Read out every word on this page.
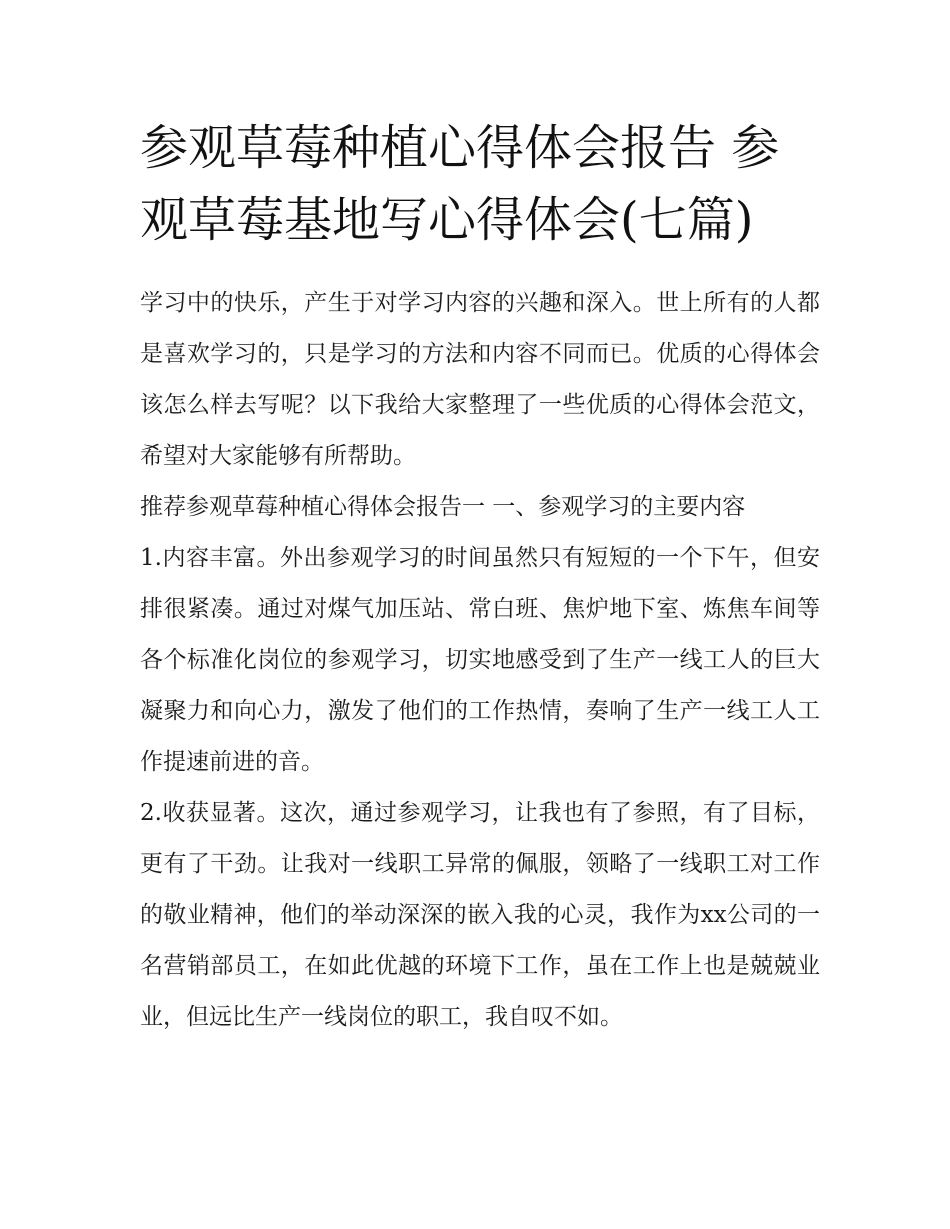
参观草莓种植心得体会报告 参观草莓基地写心得体会(七篇)

学习中的快乐，产生于对学习内容的兴趣和深入。世上所有的人都是喜欢学习的，只是学习的方法和内容不同而已。优质的心得体会该怎么样去写呢？以下我给大家整理了一些优质的心得体会范文，希望对大家能够有所帮助。

推荐参观草莓种植心得体会报告一 一、参观学习的主要内容

1.内容丰富。外出参观学习的时间虽然只有短短的一个下午，但安排很紧凑。通过对煤气加压站、常白班、焦炉地下室、炼焦车间等各个标准化岗位的参观学习，切实地感受到了生产一线工人的巨大凝聚力和向心力，激发了他们的工作热情，奏响了生产一线工人工作提速前进的音。

2.收获显著。这次，通过参观学习，让我也有了参照，有了目标，更有了干劲。让我对一线职工异常的佩服，领略了一线职工对工作的敬业精神，他们的举动深深的嵌入我的心灵，我作为xx公司的一名营销部员工，在如此优越的环境下工作，虽在工作上也是兢兢业业，但远比生产一线岗位的职工，我自叹不如。
